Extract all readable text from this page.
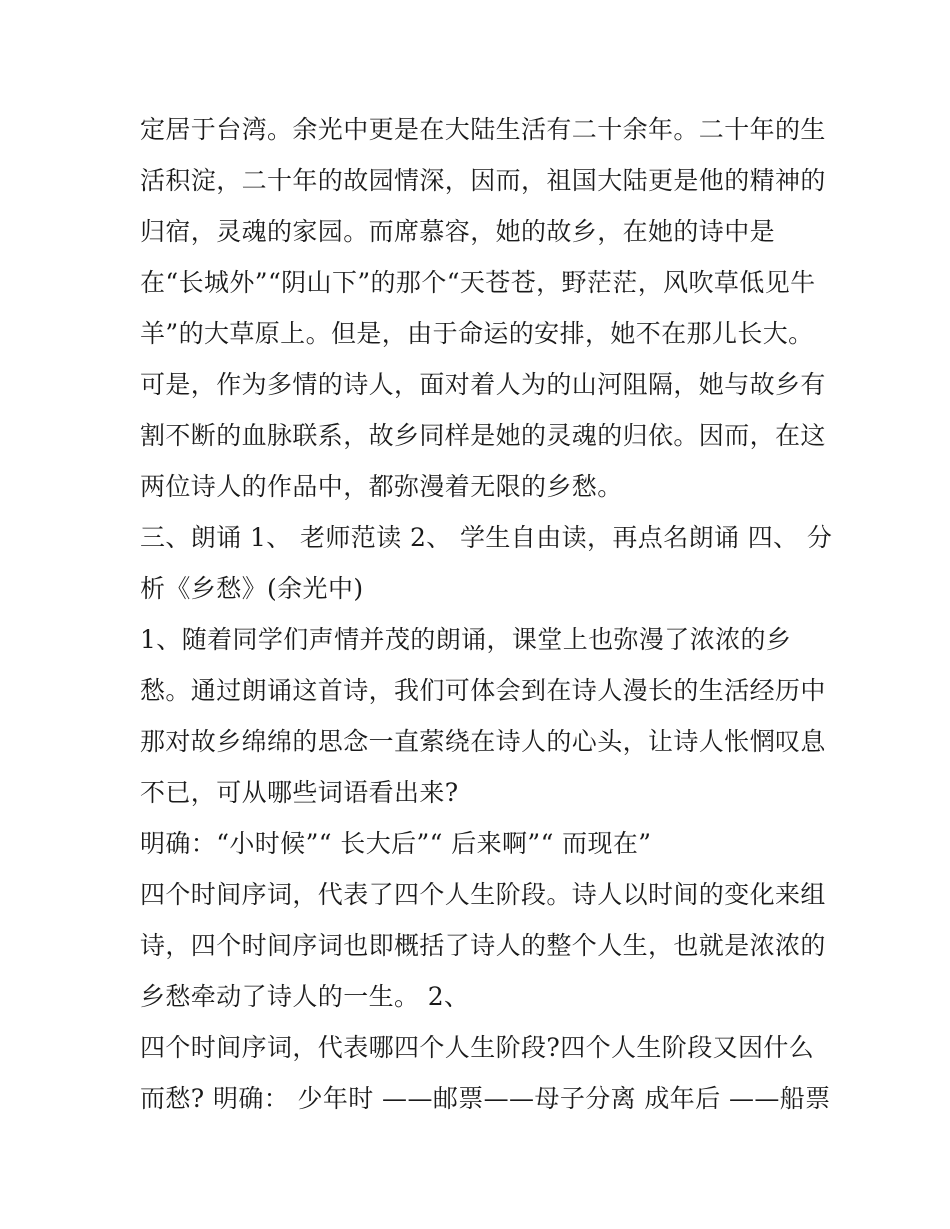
定居于台湾。余光中更是在大陆生活有二十余年。二十年的生
活积淀，二十年的故园情深，因而，祖国大陆更是他的精神的
归宿，灵魂的家园。而席慕容，她的故乡，在她的诗中是
在“长城外”“阴山下”的那个“天苍苍，野茫茫，风吹草低见牛
羊”的大草原上。但是，由于命运的安排，她不在那儿长大。
可是，作为多情的诗人，面对着人为的山河阻隔，她与故乡有
割不断的血脉联系，故乡同样是她的灵魂的归依。因而，在这
两位诗人的作品中，都弥漫着无限的乡愁。
三、朗诵 1、 老师范读 2、 学生自由读，再点名朗诵 四、 分
析《乡愁》(余光中)
1、随着同学们声情并茂的朗诵，课堂上也弥漫了浓浓的乡
愁。通过朗诵这首诗，我们可体会到在诗人漫长的生活经历中
那对故乡绵绵的思念一直萦绕在诗人的心头，让诗人怅惘叹息
不已，可从哪些词语看出来?
明确：“小时候”“ 长大后”“ 后来啊”“ 而现在”
四个时间序词，代表了四个人生阶段。诗人以时间的变化来组
诗，四个时间序词也即概括了诗人的整个人生，也就是浓浓的
乡愁牵动了诗人的一生。 2、
四个时间序词，代表哪四个人生阶段?四个人生阶段又因什么
而愁? 明确： 少年时 ——邮票——母子分离 成年后 ——船票
